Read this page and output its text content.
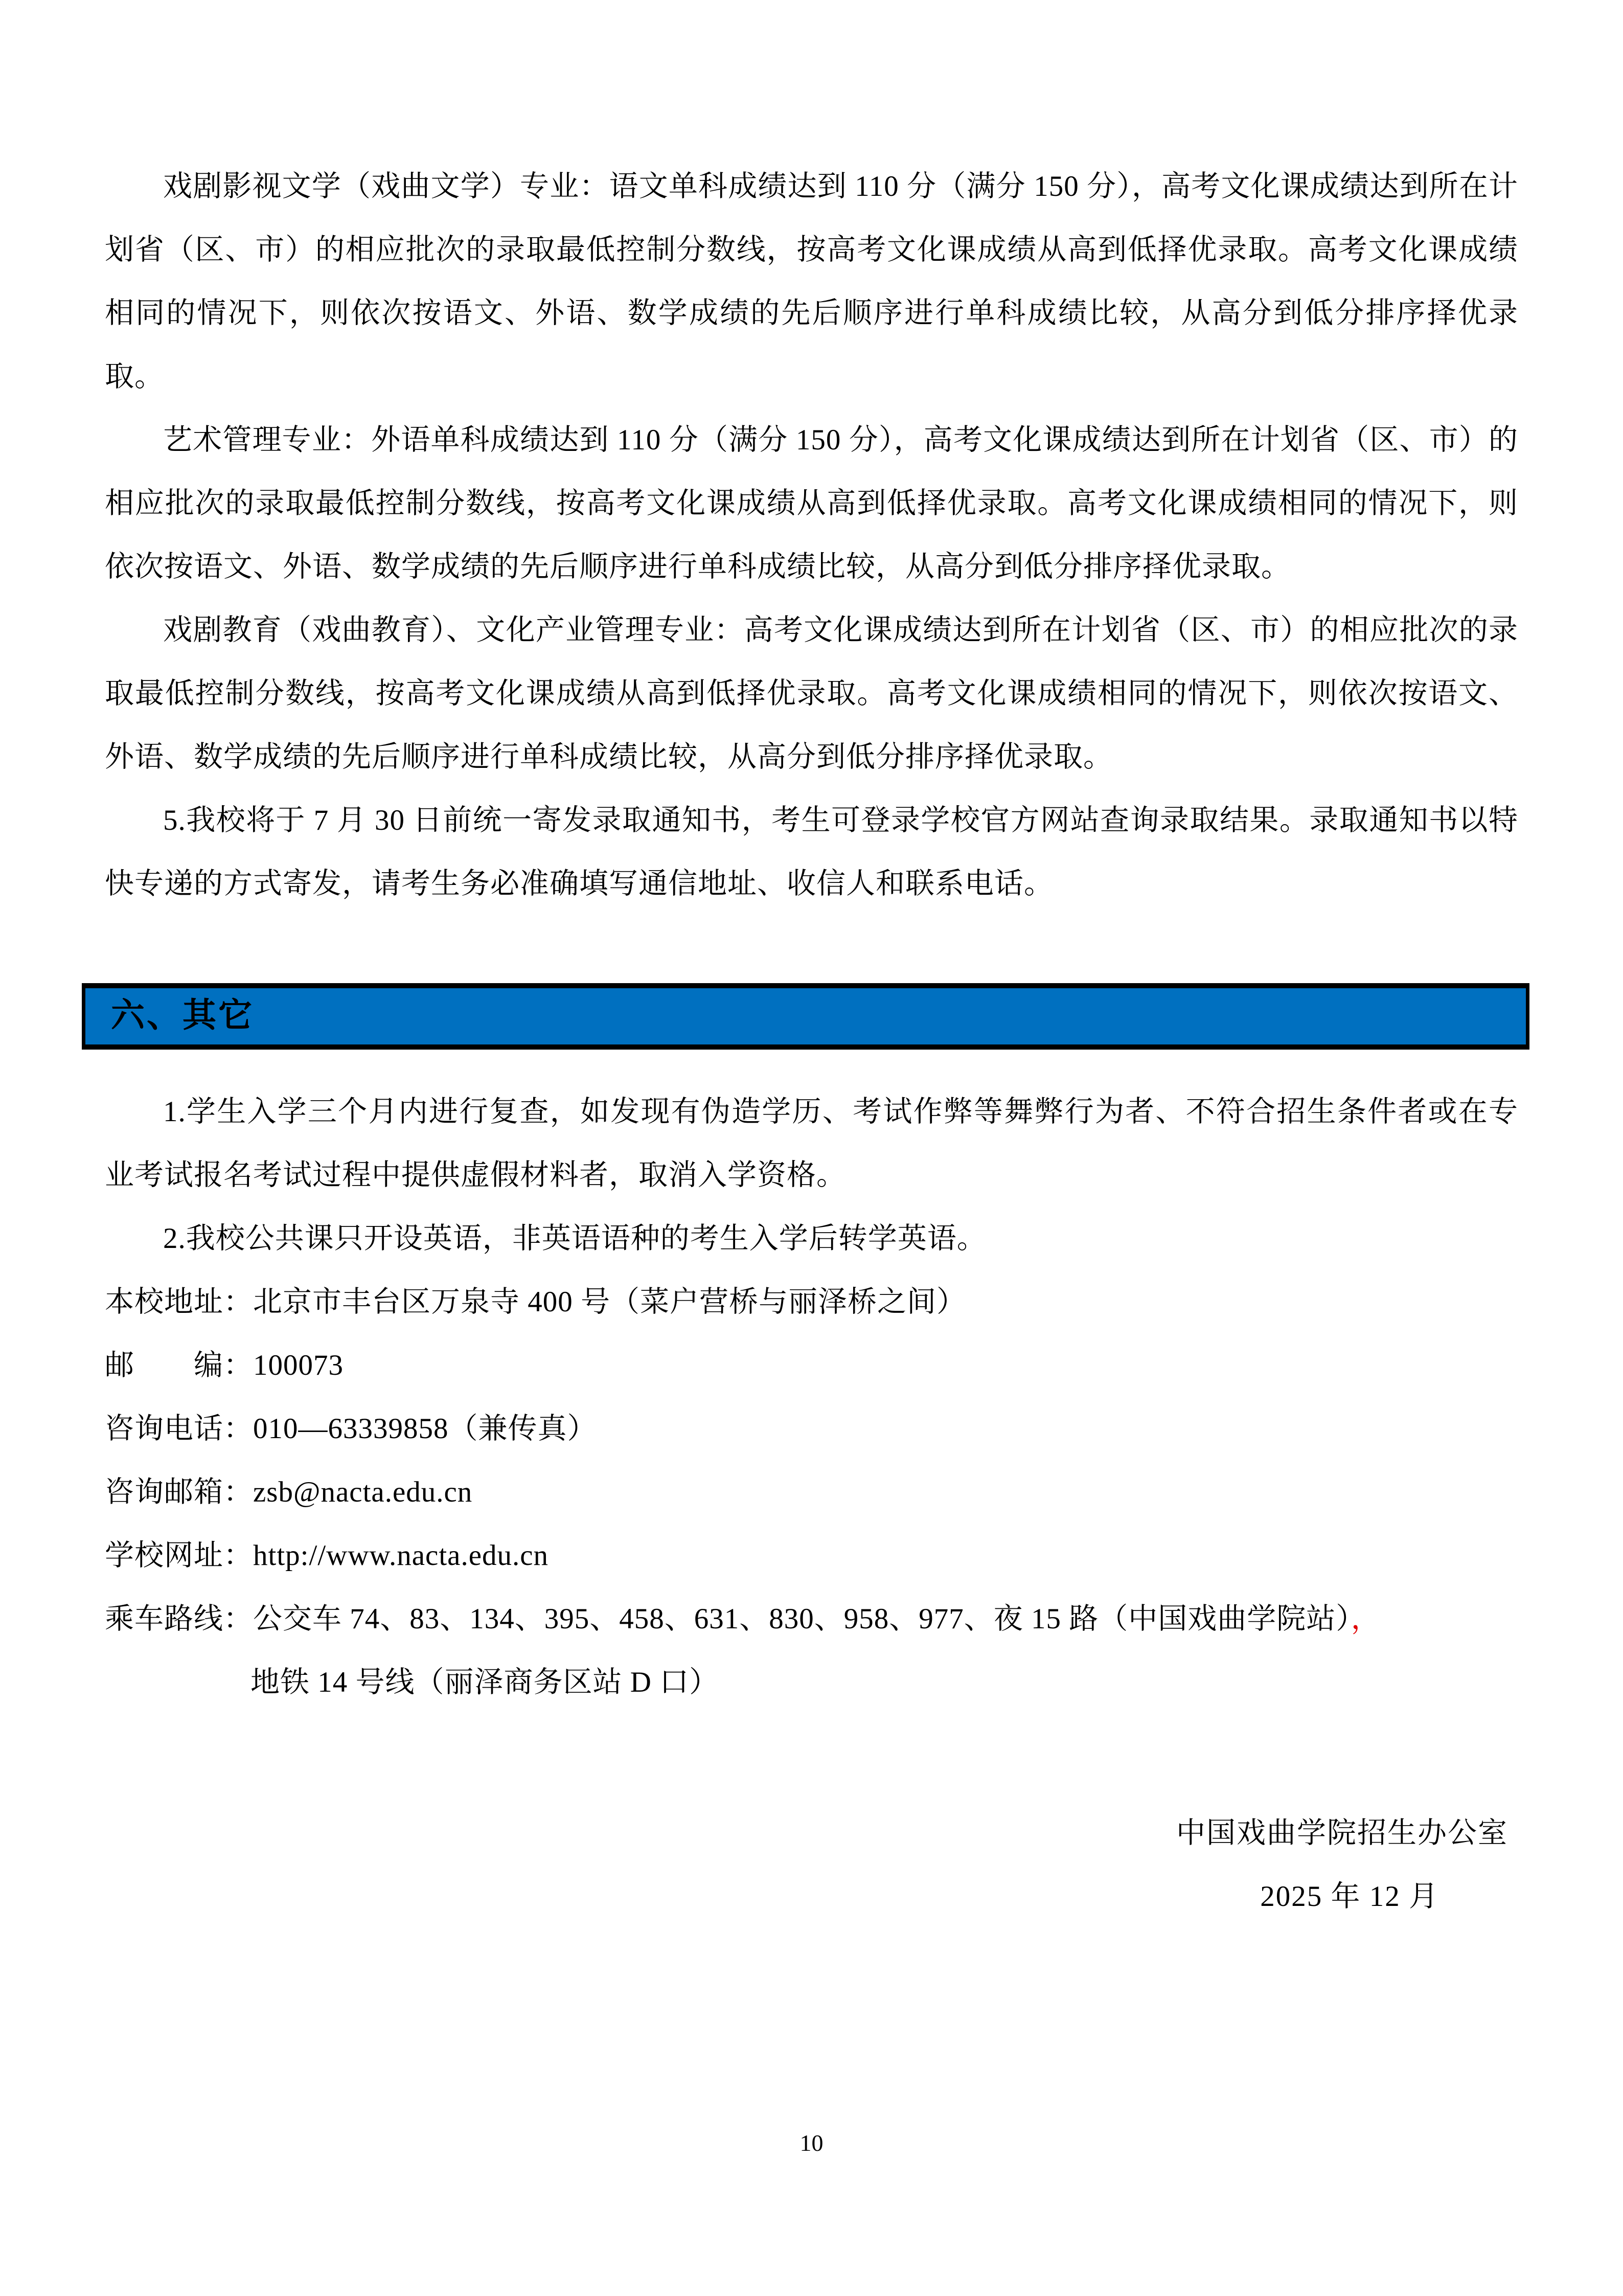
戏剧影视文学（戏曲文学）专业：语文单科成绩达到 110 分（满分 150 分），高考文化课成绩达到所在计划省（区、市）的相应批次的录取最低控制分数线，按高考文化课成绩从高到低择优录取。高考文化课成绩相同的情况下，则依次按语文、外语、数学成绩的先后顺序进行单科成绩比较，从高分到低分排序择优录取。

艺术管理专业：外语单科成绩达到 110 分（满分 150 分），高考文化课成绩达到所在计划省（区、市）的相应批次的录取最低控制分数线，按高考文化课成绩从高到低择优录取。高考文化课成绩相同的情况下，则依次按语文、外语、数学成绩的先后顺序进行单科成绩比较，从高分到低分排序择优录取。

戏剧教育（戏曲教育）、文化产业管理专业：高考文化课成绩达到所在计划省（区、市）的相应批次的录取最低控制分数线，按高考文化课成绩从高到低择优录取。高考文化课成绩相同的情况下，则依次按语文、外语、数学成绩的先后顺序进行单科成绩比较，从高分到低分排序择优录取。

5.我校将于 7 月 30 日前统一寄发录取通知书，考生可登录学校官方网站查询录取结果。录取通知书以特快专递的方式寄发，请考生务必准确填写通信地址、收信人和联系电话。

六、其它

1.学生入学三个月内进行复查，如发现有伪造学历、考试作弊等舞弊行为者、不符合招生条件者或在专业考试报名考试过程中提供虚假材料者，取消入学资格。

2.我校公共课只开设英语，非英语语种的考生入学后转学英语。

本校地址：北京市丰台区万泉寺 400 号（菜户营桥与丽泽桥之间）

邮　　编：100073

咨询电话：010—63339858（兼传真）

咨询邮箱：zsb@nacta.edu.cn

学校网址：http://www.nacta.edu.cn

乘车路线：公交车 74、83、134、395、458、631、830、958、977、夜 15 路（中国戏曲学院站），

地铁 14 号线（丽泽商务区站 D 口）

中国戏曲学院招生办公室

2025 年 12 月

10
